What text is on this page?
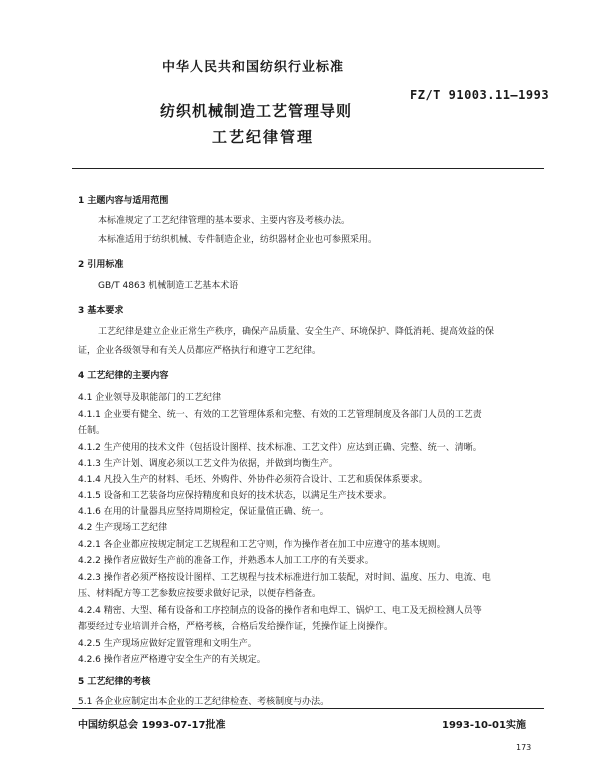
中华人民共和国纺织行业标准
FZ/T 91003.11—1993
纺织机械制造工艺管理导则
工艺纪律管理
1 主题内容与适用范围
本标准规定了工艺纪律管理的基本要求、主要内容及考核办法。
本标准适用于纺织机械、专件制造企业，纺织器材企业也可参照采用。
2 引用标准
GB/T 4863 机械制造工艺基本术语
3 基本要求
工艺纪律是建立企业正常生产秩序，确保产品质量、安全生产、环境保护、降低消耗、提高效益的保
证，企业各级领导和有关人员都应严格执行和遵守工艺纪律。
4 工艺纪律的主要内容
4.1 企业领导及职能部门的工艺纪律
4.1.1 企业要有健全、统一、有效的工艺管理体系和完整、有效的工艺管理制度及各部门人员的工艺责
任制。
4.1.2 生产使用的技术文件（包括设计图样、技术标准、工艺文件）应达到正确、完整、统一、清晰。
4.1.3 生产计划、调度必须以工艺文件为依据，并做到均衡生产。
4.1.4 凡投入生产的材料、毛坯、外购件、外协件必须符合设计、工艺和质保体系要求。
4.1.5 设备和工艺装备均应保持精度和良好的技术状态，以满足生产技术要求。
4.1.6 在用的计量器具应坚持周期检定，保证量值正确、统一。
4.2 生产现场工艺纪律
4.2.1 各企业都应按规定制定工艺规程和工艺守则，作为操作者在加工中应遵守的基本规则。
4.2.2 操作者应做好生产前的准备工作，并熟悉本人加工工序的有关要求。
4.2.3 操作者必须严格按设计图样、工艺规程与技术标准进行加工装配，对时间、温度、压力、电流、电
压、材料配方等工艺参数应按要求做好记录，以便存档备查。
4.2.4 精密、大型、稀有设备和工序控制点的设备的操作者和电焊工、锅炉工、电工及无损检测人员等
都要经过专业培训并合格，严格考核，合格后发给操作证，凭操作证上岗操作。
4.2.5 生产现场应做好定置管理和文明生产。
4.2.6 操作者应严格遵守安全生产的有关规定。
5 工艺纪律的考核
5.1 各企业应制定出本企业的工艺纪律检查、考核制度与办法。
中国纺织总会 1993-07-17批准	1993-10-01实施
173
